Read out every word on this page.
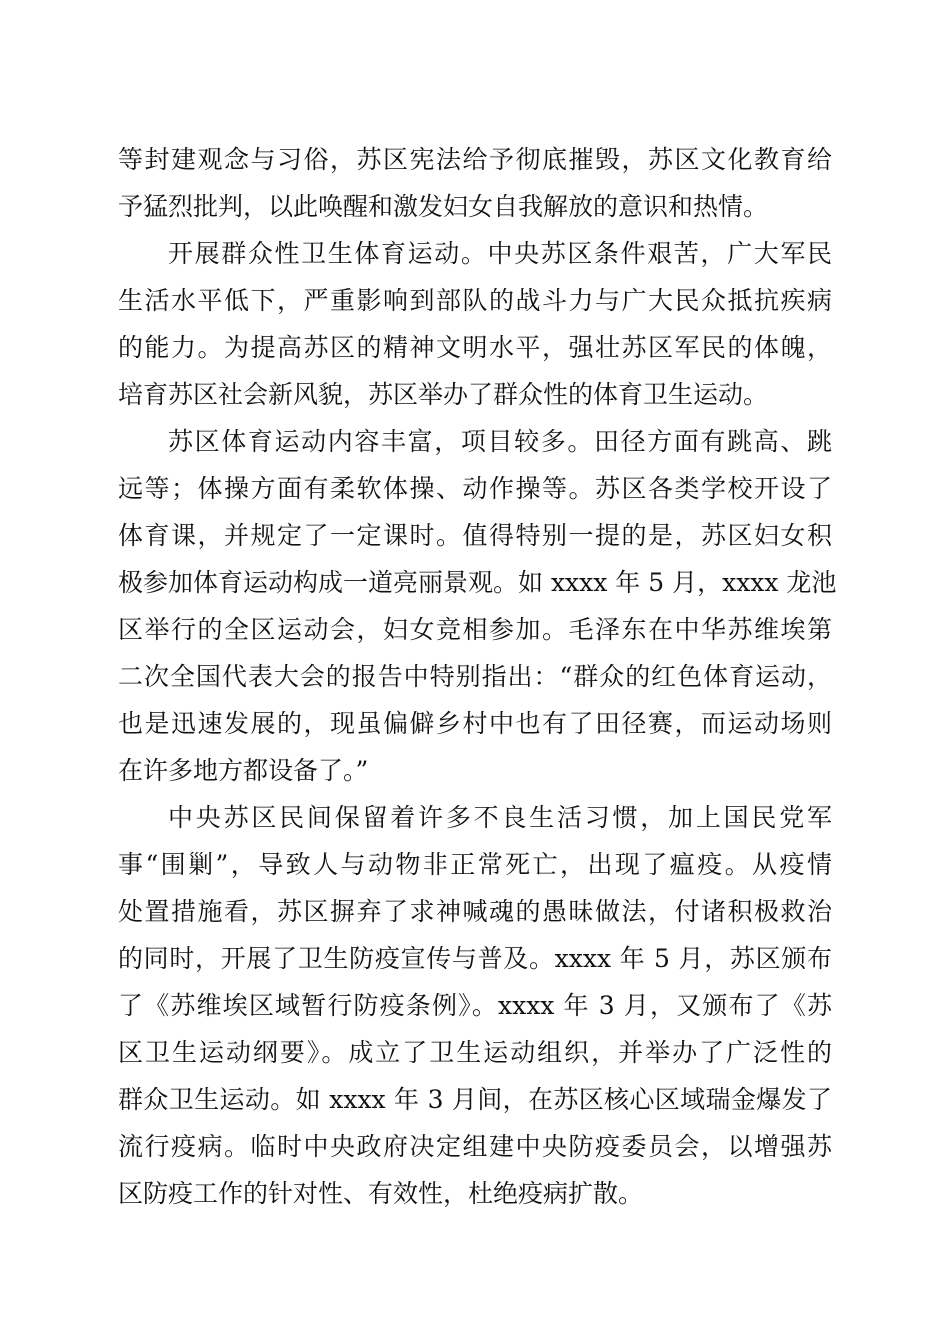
等封建观念与习俗，苏区宪法给予彻底摧毁，苏区文化教育给

予猛烈批判，以此唤醒和激发妇女自我解放的意识和热情。

开展群众性卫生体育运动。中央苏区条件艰苦，广大军民

生活水平低下，严重影响到部队的战斗力与广大民众抵抗疾病

的能力。为提高苏区的精神文明水平，强壮苏区军民的体魄，

培育苏区社会新风貌，苏区举办了群众性的体育卫生运动。

苏区体育运动内容丰富，项目较多。田径方面有跳高、跳

远等；体操方面有柔软体操、动作操等。苏区各类学校开设了

体育课，并规定了一定课时。值得特别一提的是，苏区妇女积

极参加体育运动构成一道亮丽景观。如 xxxx 年 5 月，xxxx 龙池

区举行的全区运动会，妇女竞相参加。毛泽东在中华苏维埃第

二次全国代表大会的报告中特别指出：“群众的红色体育运动，

也是迅速发展的，现虽偏僻乡村中也有了田径赛，而运动场则

在许多地方都设备了。”

中央苏区民间保留着许多不良生活习惯，加上国民党军

事“围剿”，导致人与动物非正常死亡，出现了瘟疫。从疫情

处置措施看，苏区摒弃了求神喊魂的愚昧做法，付诸积极救治

的同时，开展了卫生防疫宣传与普及。xxxx 年 5 月，苏区颁布

了《苏维埃区域暂行防疫条例》。xxxx 年 3 月，又颁布了《苏

区卫生运动纲要》。成立了卫生运动组织，并举办了广泛性的

群众卫生运动。如 xxxx 年 3 月间，在苏区核心区域瑞金爆发了

流行疫病。临时中央政府决定组建中央防疫委员会，以增强苏

区防疫工作的针对性、有效性，杜绝疫病扩散。
